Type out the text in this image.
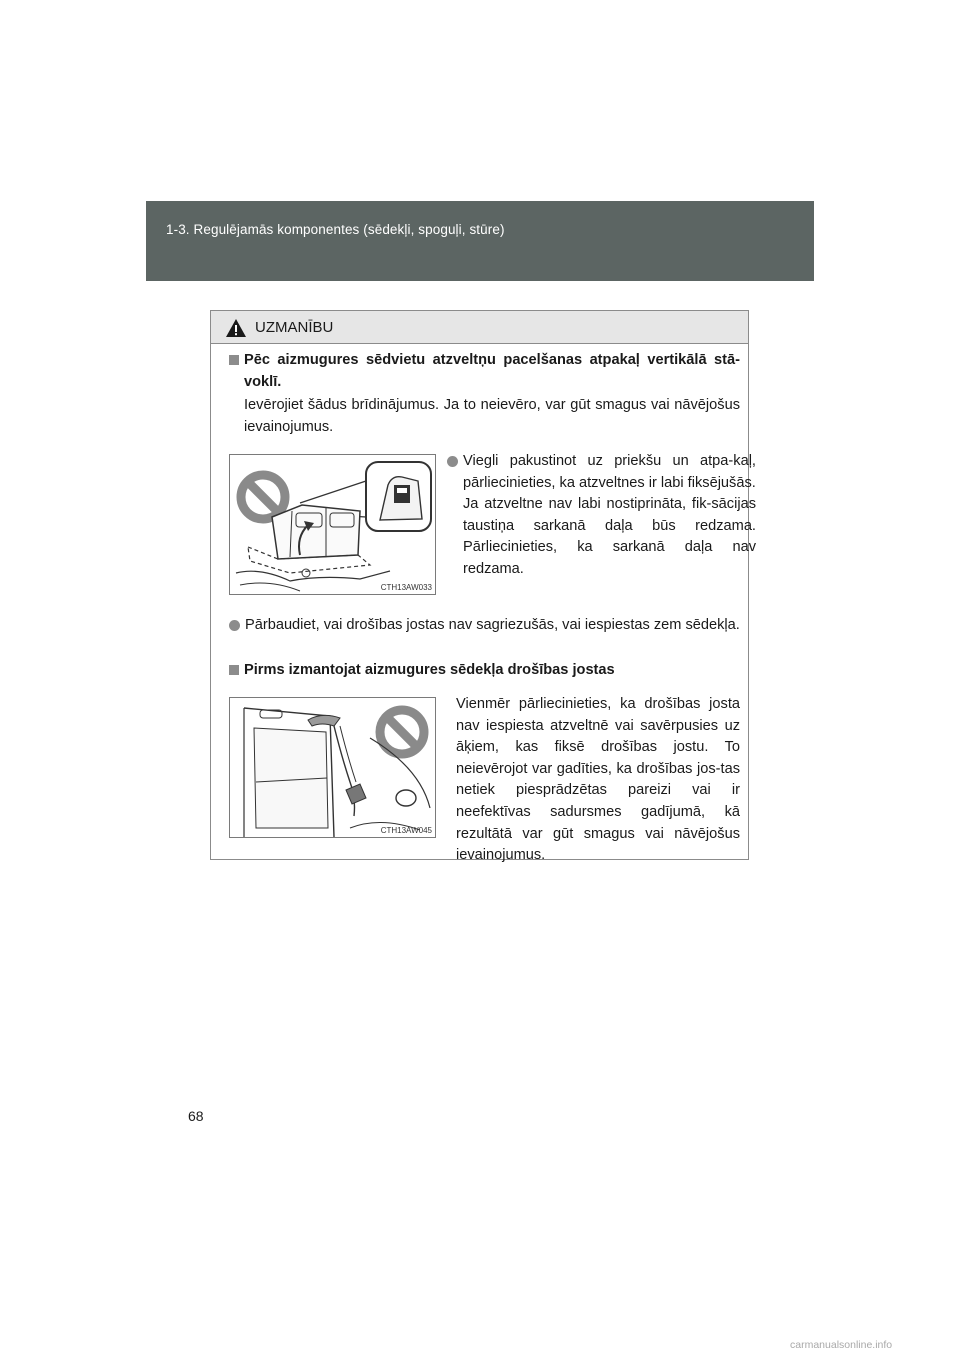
1-3. Regulējamās komponentes (sēdekļi, spoguļi, stūre)
UZMANĪBU
Pēc aizmugures sēdvietu atzveltņu pacelšanas atpakaļ vertikālā stā-voklī.
Ievērojiet šādus brīdinājumus. Ja to neievēro, var gūt smagus vai nāvējošus ievainojumus.
CTH13AW033
Viegli pakustinot uz priekšu un atpa-kaļ, pārliecinieties, ka atzveltnes ir labi fiksējušās.
Ja atzveltne nav labi nostiprināta, fik-sācijas taustiņa sarkanā daļa būs redzama. Pārliecinieties, ka sarkanā daļa nav redzama.
Pārbaudiet, vai drošības jostas nav sagriezušās, vai iespiestas zem sēdekļa.
Pirms izmantojat aizmugures sēdekļa drošības jostas
CTH13AW045
Vienmēr pārliecinieties, ka drošības josta nav iespiesta atzveltnē vai savērpusies uz āķiem, kas fiksē drošības jostu. To neievērojot var gadīties, ka drošības jos-tas netiek piesprādzētas pareizi vai ir neefektīvas sadursmes gadījumā, kā rezultātā var gūt smagus vai nāvējošus ievainojumus.
68
carmanualsonline.info
